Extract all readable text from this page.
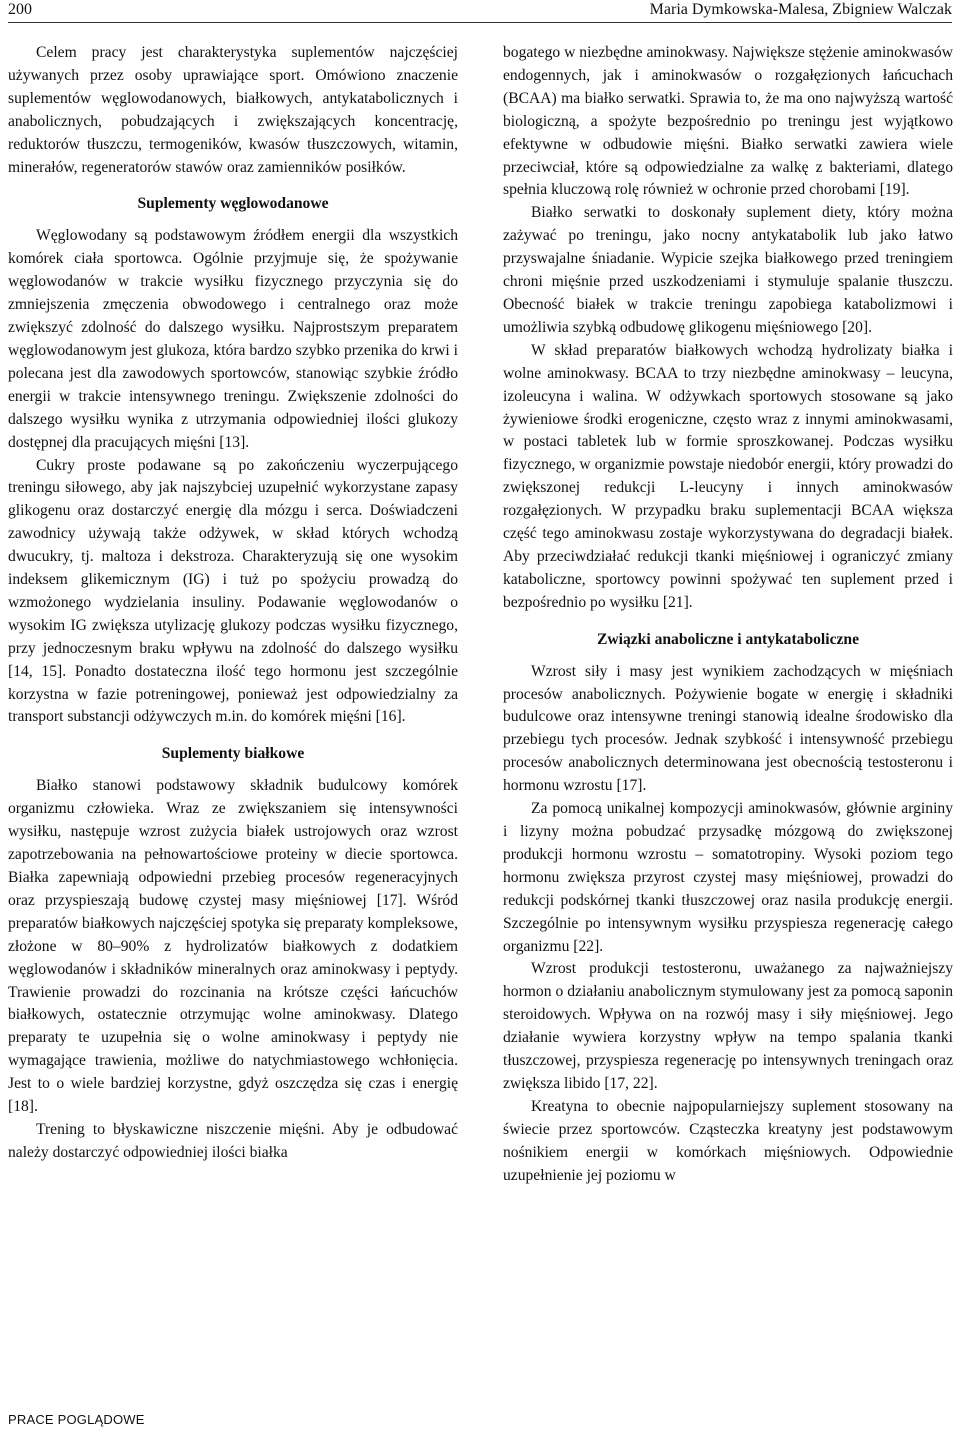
200	Maria Dymkowska-Malesa, Zbigniew Walczak

Celem pracy jest charakterystyka suplementów najczęściej używanych przez osoby uprawiające sport. Omówiono znaczenie suplementów węglowodanowych, białkowych, antykatabolicznych i anabolicznych, pobudzających i zwiększających koncentrację, reduktorów tłuszczu, termogeników, kwasów tłuszczowych, witamin, minerałów, regeneratorów stawów oraz zamienników posiłków.

Suplementy węglowodanowe

Węglowodany są podstawowym źródłem energii dla wszystkich komórek ciała sportowca. Ogólnie przyjmuje się, że spożywanie węglowodanów w trakcie wysiłku fizycznego przyczynia się do zmniejszenia zmęczenia obwodowego i centralnego oraz może zwiększyć zdolność do dalszego wysiłku. Najprostszym preparatem węglowodanowym jest glukoza, która bardzo szybko przenika do krwi i polecana jest dla zawodowych sportowców, stanowiąc szybkie źródło energii w trakcie intensywnego treningu. Zwiększenie zdolności do dalszego wysiłku wynika z utrzymania odpowiedniej ilości glukozy dostępnej dla pracujących mięśni [13].

Cukry proste podawane są po zakończeniu wyczerpującego treningu siłowego, aby jak najszybciej uzupełnić wykorzystane zapasy glikogenu oraz dostarczyć energię dla mózgu i serca. Doświadczeni zawodnicy używają także odżywek, w skład których wchodzą dwucukry, tj. maltoza i dekstroza. Charakteryzują się one wysokim indeksem glikemicznym (IG) i tuż po spożyciu prowadzą do wzmożonego wydzielania insuliny. Podawanie węglowodanów o wysokim IG zwiększa utylizację glukozy podczas wysiłku fizycznego, przy jednoczesnym braku wpływu na zdolność do dalszego wysiłku [14, 15]. Ponadto dostateczna ilość tego hormonu jest szczególnie korzystna w fazie potreningowej, ponieważ jest odpowiedzialny za transport substancji odżywczych m.in. do komórek mięśni [16].

Suplementy białkowe

Białko stanowi podstawowy składnik budulcowy komórek organizmu człowieka. Wraz ze zwiększaniem się intensywności wysiłku, następuje wzrost zużycia białek ustrojowych oraz wzrost zapotrzebowania na pełnowartościowe proteiny w diecie sportowca. Białka zapewniają odpowiedni przebieg procesów regeneracyjnych oraz przyspieszają budowę czystej masy mięśniowej [17]. Wśród preparatów białkowych najczęściej spotyka się preparaty kompleksowe, złożone w 80–90% z hydrolizatów białkowych z dodatkiem węglowodanów i składników mineralnych oraz aminokwasy i peptydy. Trawienie prowadzi do rozcinania na krótsze części łańcuchów białkowych, ostatecznie otrzymując wolne aminokwasy. Dlatego preparaty te uzupełnia się o wolne aminokwasy i peptydy nie wymagające trawienia, możliwe do natychmiastowego wchłonięcia. Jest to o wiele bardziej korzystne, gdyż oszczędza się czas i energię [18].

Trening to błyskawiczne niszczenie mięśni. Aby je odbudować należy dostarczyć odpowiedniej ilości białka

bogatego w niezbędne aminokwasy. Największe stężenie aminokwasów endogennych, jak i aminokwasów o rozgałęzionych łańcuchach (BCAA) ma białko serwatki. Sprawia to, że ma ono najwyższą wartość biologiczną, a spożyte bezpośrednio po treningu jest wyjątkowo efektywne w odbudowie mięśni. Białko serwatki zawiera wiele przeciwciał, które są odpowiedzialne za walkę z bakteriami, dlatego spełnia kluczową rolę również w ochronie przed chorobami [19].

Białko serwatki to doskonały suplement diety, który można zażywać po treningu, jako nocny antykatabolik lub jako łatwo przyswajalne śniadanie. Wypicie szejka białkowego przed treningiem chroni mięśnie przed uszkodzeniami i stymuluje spalanie tłuszczu. Obecność białek w trakcie treningu zapobiega katabolizmowi i umożliwia szybką odbudowę glikogenu mięśniowego [20].

W skład preparatów białkowych wchodzą hydrolizaty białka i wolne aminokwasy. BCAA to trzy niezbędne aminokwasy – leucyna, izoleucyna i walina. W odżywkach sportowych stosowane są jako żywieniowe środki erogeniczne, często wraz z innymi aminokwasami, w postaci tabletek lub w formie sproszkowanej. Podczas wysiłku fizycznego, w organizmie powstaje niedobór energii, który prowadzi do zwiększonej redukcji L-leucyny i innych aminokwasów rozgałęzionych. W przypadku braku suplementacji BCAA większa część tego aminokwasu zostaje wykorzystywana do degradacji białek. Aby przeciwdziałać redukcji tkanki mięśniowej i ograniczyć zmiany kataboliczne, sportowcy powinni spożywać ten suplement przed i bezpośrednio po wysiłku [21].

Związki anaboliczne i antykataboliczne

Wzrost siły i masy jest wynikiem zachodzących w mięśniach procesów anabolicznych. Pożywienie bogate w energię i składniki budulcowe oraz intensywne treningi stanowią idealne środowisko dla przebiegu tych procesów. Jednak szybkość i intensywność przebiegu procesów anabolicznych determinowana jest obecnością testosteronu i hormonu wzrostu [17].

Za pomocą unikalnej kompozycji aminokwasów, głównie argininy i lizyny można pobudzać przysadkę mózgową do zwiększonej produkcji hormonu wzrostu – somatotropiny. Wysoki poziom tego hormonu zwiększa przyrost czystej masy mięśniowej, prowadzi do redukcji podskórnej tkanki tłuszczowej oraz nasila produkcję energii. Szczególnie po intensywnym wysiłku przyspiesza regenerację całego organizmu [22].

Wzrost produkcji testosteronu, uważanego za najważniejszy hormon o działaniu anabolicznym stymulowany jest za pomocą saponin steroidowych. Wpływa on na rozwój masy i siły mięśniowej. Jego działanie wywiera korzystny wpływ na tempo spalania tkanki tłuszczowej, przyspiesza regenerację po intensywnych treningach oraz zwiększa libido [17, 22].

Kreatyna to obecnie najpopularniejszy suplement stosowany na świecie przez sportowców. Cząsteczka kreatyny jest podstawowym nośnikiem energii w komórkach mięśniowych. Odpowiednie uzupełnienie jej poziomu w

PRACE POGLĄDOWE
